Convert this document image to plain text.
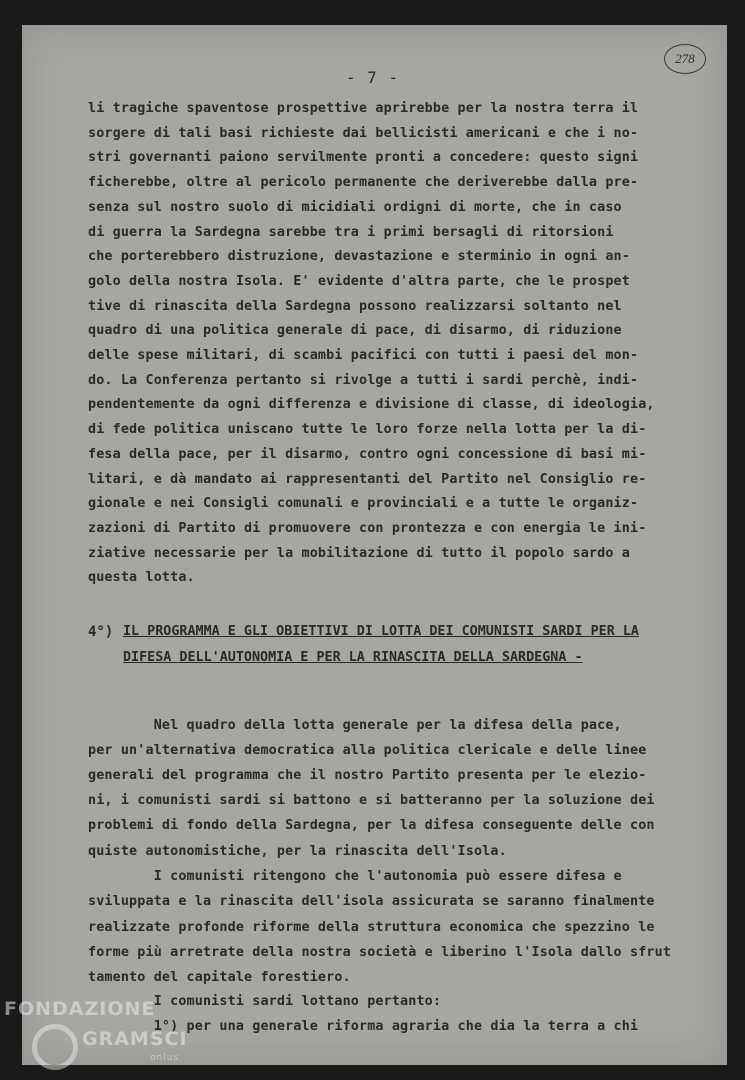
278
- 7 -
li tragiche spaventose prospettive aprirebbe per la nostra terra il
sorgere di tali basi richieste dai bellicisti americani e che i no-
stri governanti paiono servilmente pronti a concedere: questo signi
ficherebbe, oltre al pericolo permanente che deriverebbe dalla pre-
senza sul nostro suolo di micidiali ordigni di morte, che in caso
di guerra la Sardegna sarebbe tra i primi bersagli di ritorsioni
che porterebbero distruzione, devastazione e sterminio in ogni an-
golo della nostra Isola. E' evidente d'altra parte, che le prospet
tive di rinascita della Sardegna possono realizzarsi soltanto nel
quadro di una politica generale di pace, di disarmo, di riduzione
delle spese militari, di scambi pacifici con tutti i paesi del mon-
do. La Conferenza pertanto si rivolge a tutti i sardi perchè, indi-
pendentemente da ogni differenza e divisione di classe, di ideologia,
di fede politica uniscano tutte le loro forze nella lotta per la di-
fesa della pace, per il disarmo, contro ogni concessione di basi mi-
litari, e dà mandato ai rappresentanti del Partito nel Consiglio re-
gionale e nei Consigli comunali e provinciali e a tutte le organiz-
zazioni di Partito di promuovere con prontezza e con energia le ini-
ziative necessarie per la mobilitazione di tutto il popolo sardo a
questa lotta.
4°) IL PROGRAMMA E GLI OBIETTIVI DI LOTTA DEI COMUNISTI SARDI PER LA
DIFESA DELL'AUTONOMIA E PER LA RINASCITA DELLA SARDEGNA -
Nel quadro della lotta generale per la difesa della pace,
per un'alternativa democratica alla politica clericale e delle linee
generali del programma che il nostro Partito presenta per le elezio-
ni, i comunisti sardi si battono e si batteranno per la soluzione dei
problemi di fondo della Sardegna, per la difesa conseguente delle con
quiste autonomistiche, per la rinascita dell'Isola.
I comunisti ritengono che l'autonomia può essere difesa e
sviluppata e la rinascita dell'isola assicurata se saranno finalmente
realizzate profonde riforme della struttura economica che spezzino le
forme più arretrate della nostra società e liberino l'Isola dallo sfrut
tamento del capitale forestiero.
I comunisti sardi lottano pertanto:
1°) per una generale riforma agraria che dia la terra a chi
FONDAZIONE
GRAMSCI
onlus
